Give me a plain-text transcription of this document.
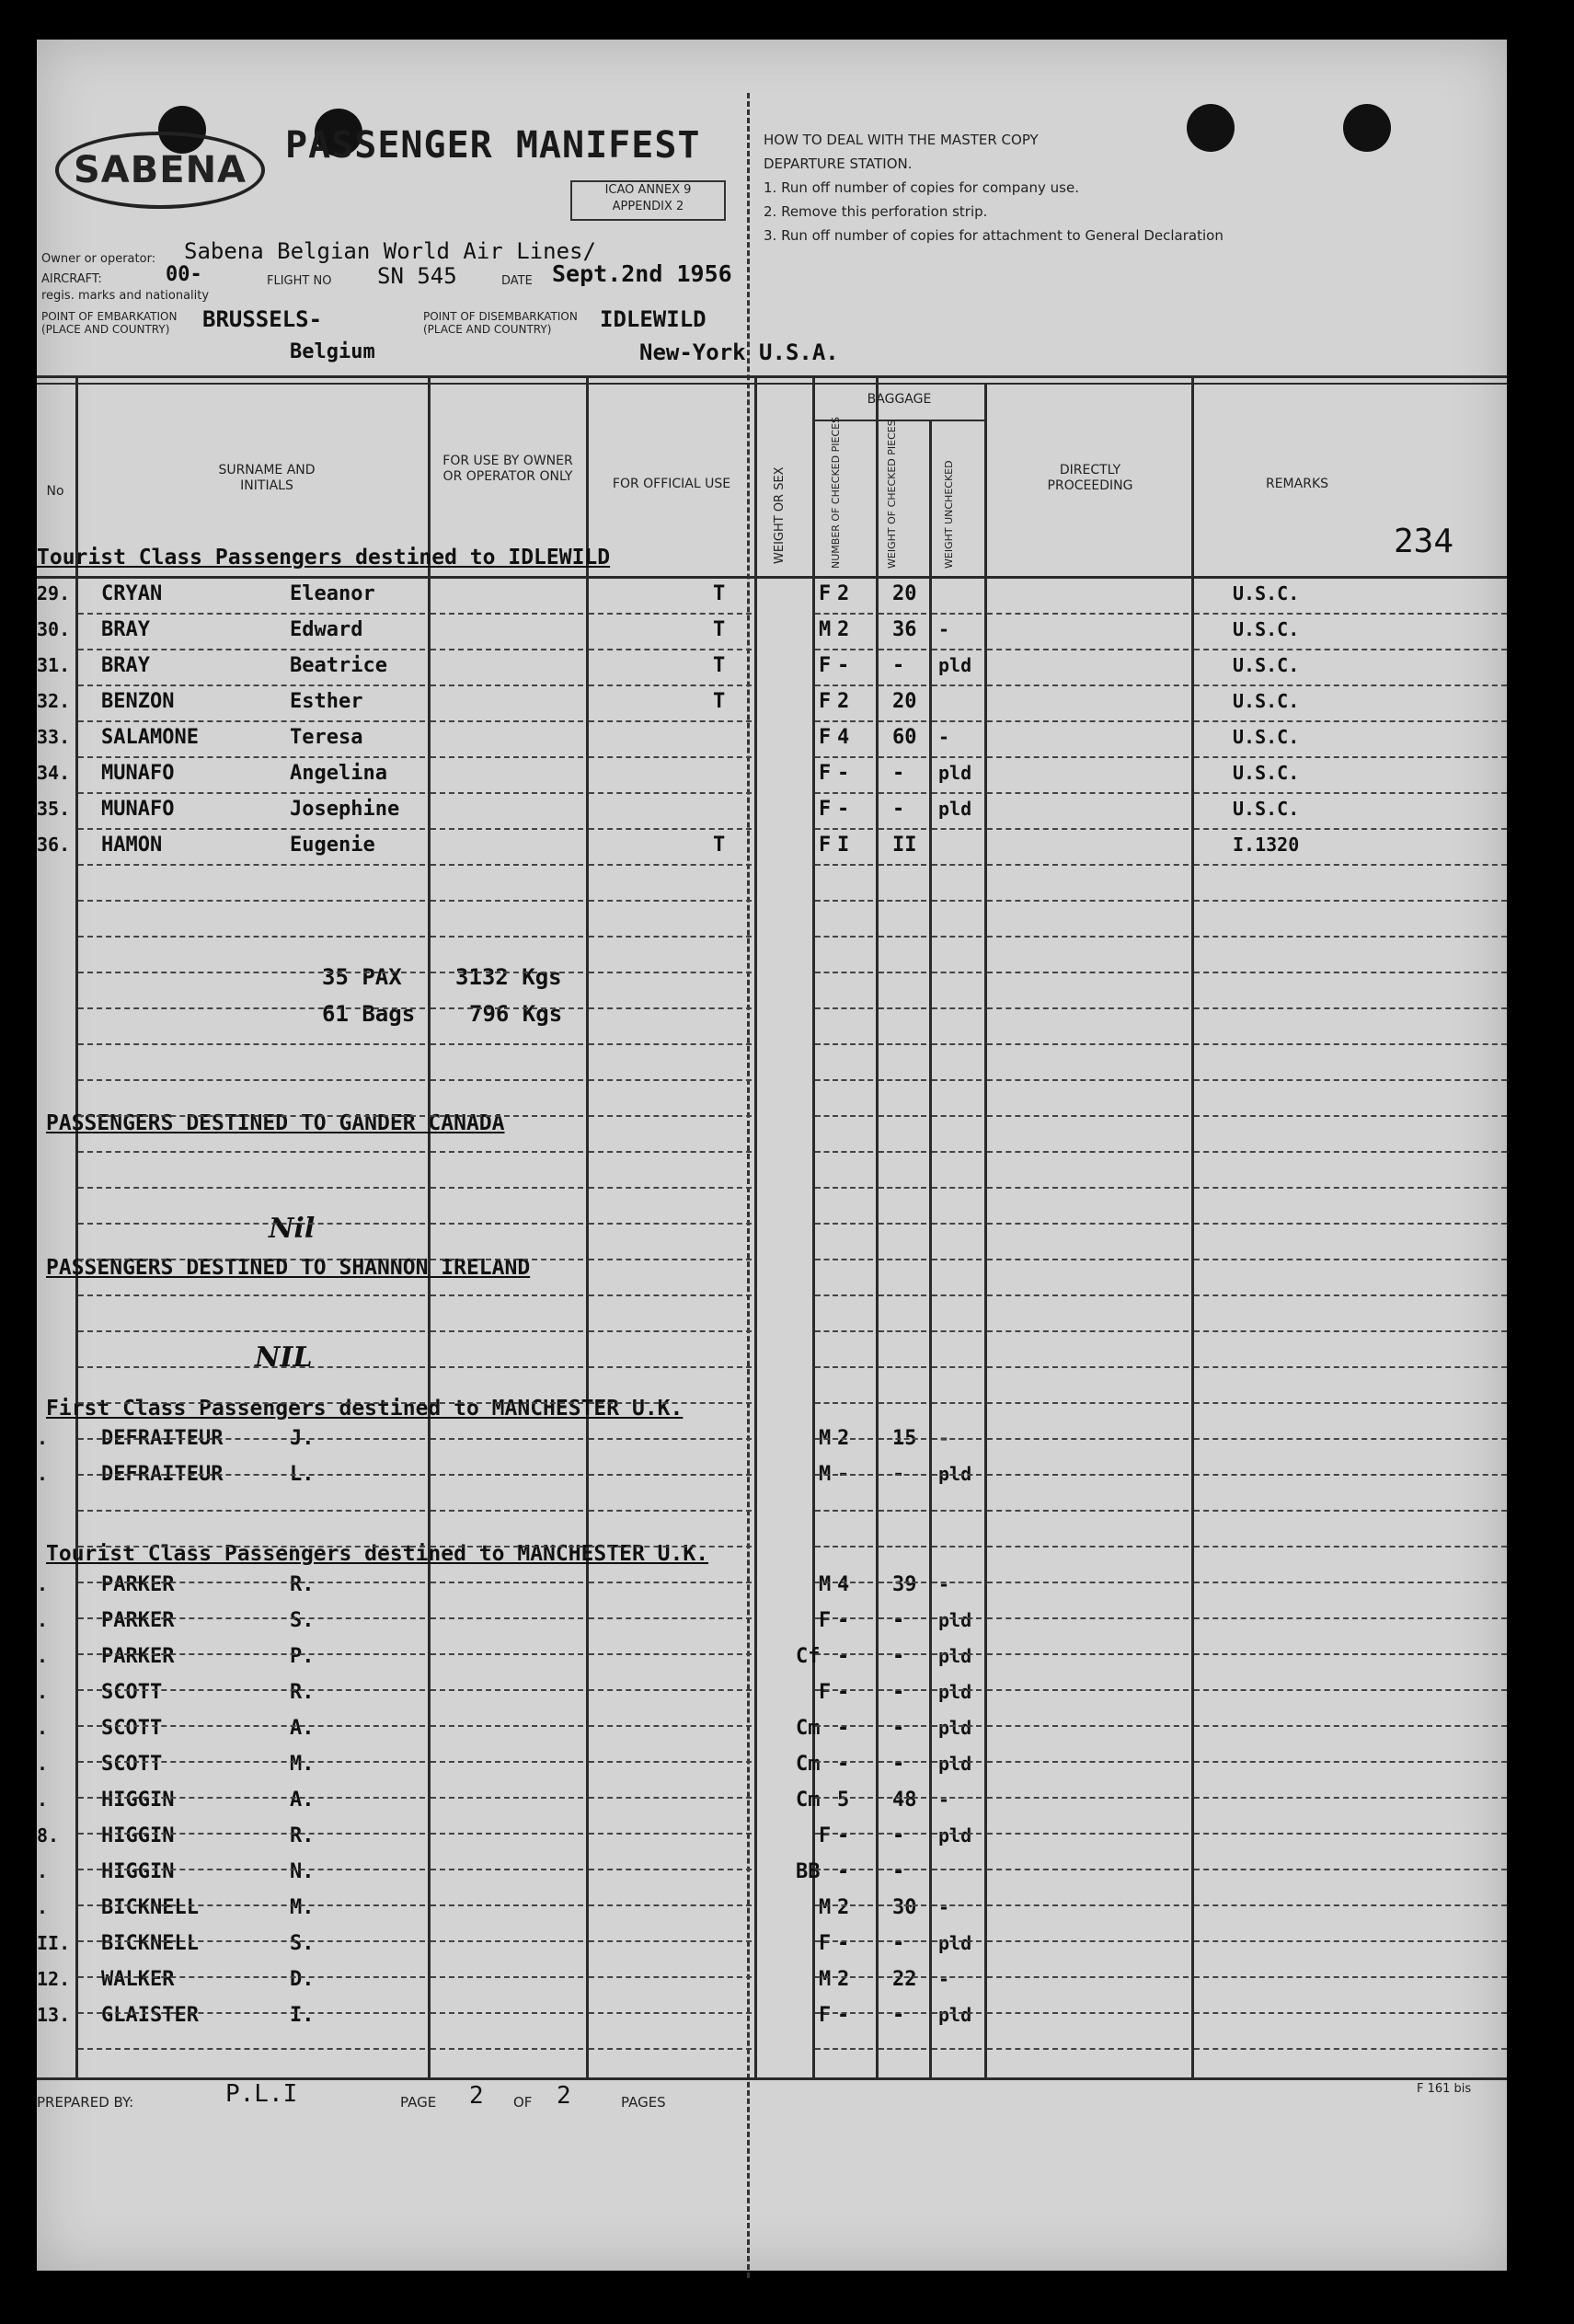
SABENA
PASSENGER MANIFEST
ICAO ANNEX 9
APPENDIX 2
HOW TO DEAL WITH THE MASTER COPY
DEPARTURE STATION.
1. Run off number of copies for company use.
2. Remove this perforation strip.
3. Run off number of copies for attachment to General Declaration
Owner or operator: Sabena Belgian World Air Lines/
AIRCRAFT:	00-	FLIGHT NO SN 545	DATE Sept.2nd 1956
regis. marks and nationality
POINT OF EMBARKATION (PLACE AND COUNTRY)	BRUSSELS-
Belgium
POINT OF DISEMBARKATION (PLACE AND COUNTRY)	IDLEWILD
New-York U.S.A.
No
SURNAME AND INITIALS
FOR USE BY OWNER OR OPERATOR ONLY	FOR OFFICIAL USE	WEIGHT OR SEX
BAGGAGE
NUMBER OF CHECKED PIECES	WEIGHT OF CHECKED PIECES	WEIGHT UNCHECKED	DIRECTLY PROCEEDING	REMARKS
234
Tourist Class Passengers destined to IDLEWILD
29. CRYAN	Eleanor	T	F 2 20	U.S.C.
30. BRAY	Edward	T	M 2 36 -	U.S.C.
31. BRAY	Beatrice	T	F - - pld	U.S.C.
32. BENZON	Esther	T	F 2 20	U.S.C.
33. SALAMONE	Teresa	F 4 60 -	U.S.C.
34. MUNAFO	Angelina	F - - pld	U.S.C.
35. MUNAFO	Josephine	F - - pld	U.S.C.
36. HAMON	Eugenie	T	F I II	I.1320
35 PAX 3132 Kgs
61 Bags 796 Kgs
PASSENGERS DESTINED TO GANDER CANADA
Nil
PASSENGERS DESTINED TO SHANNON IRELAND
NIL
First Class Passengers destined to MANCHESTER U.K.
.	DEFRAITEUR	J.	M 2 15 -
.	DEFRAITEUR	L.	M - - pld
Tourist Class Passengers destined to MANCHESTER U.K.
.	PARKER	R.	M 4 39 -
.	PARKER	S.	F - - pld
.	PARKER	P.	Cf - - pld
.	SCOTT	R.	F - - pld
.	SCOTT	A.	Cm - - pld
.	SCOTT	M.	Cm - - pld
.	HIGGIN	A.	Cm 5 48 -
8. HIGGIN	R.	F - - pld
.	HIGGIN	N.	BB - -
.	BICKNELL	M.	M 2 30 -
II. BICKNELL	S.	F - - pld
12. WALKER	D.	M 2 22 -
13. GLAISTER	I.	F - - pld
PREPARED BY:	P.L.I	PAGE 2 OF 2	PAGES
F 161 bis
